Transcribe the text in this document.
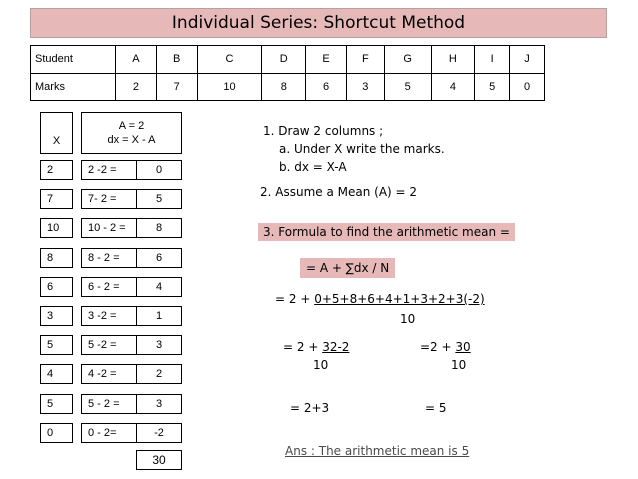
Individual Series: Shortcut Method
Student	A	B	C	D	E	F	G	H	I	J
Marks	2	7	10	8	6	3	5	4	5	0
X
A = 2
dx = X - A
2	2 -2 =	0
7	7- 2 =	5
10	10 - 2 =	8
8	8 - 2 =	6
6	6 - 2 =	4
3	3 -2 =	1
5	5 -2 =	3
4	4 -2 =	2
5	5 - 2 =	3
0	0 - 2=	-2
30
1. Draw 2 columns ;
a. Under X write the marks.
b. dx = X-A
2. Assume a Mean (A) = 2
3. Formula to find the arithmetic mean =
= A + ∑dx / N
= 2 + 0+5+8+6+4+1+3+2+3(-2)
10
= 2 + 32-2
10
=2 + 30
10
= 2+3	= 5
Ans : The arithmetic mean is 5
